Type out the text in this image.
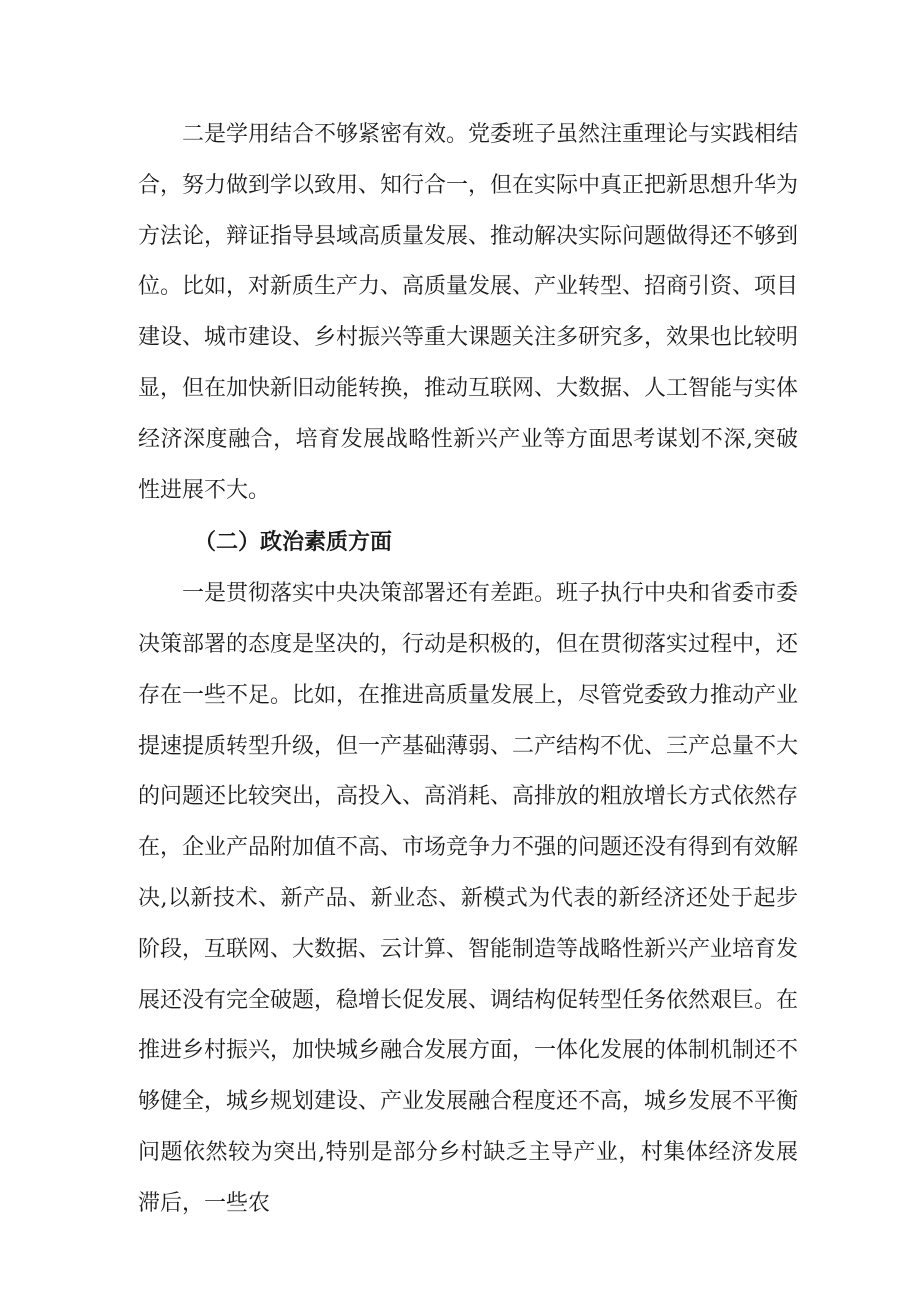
二是学用结合不够紧密有效。党委班子虽然注重理论与实践相结合，努力做到学以致用、知行合一，但在实际中真正把新思想升华为方法论，辩证指导县域高质量发展、推动解决实际问题做得还不够到位。比如，对新质生产力、高质量发展、产业转型、招商引资、项目建设、城市建设、乡村振兴等重大课题关注多研究多，效果也比较明显，但在加快新旧动能转换，推动互联网、大数据、人工智能与实体经济深度融合，培育发展战略性新兴产业等方面思考谋划不深,突破性进展不大。

（二）政治素质方面

一是贯彻落实中央决策部署还有差距。班子执行中央和省委市委决策部署的态度是坚决的，行动是积极的，但在贯彻落实过程中，还存在一些不足。比如，在推进高质量发展上，尽管党委致力推动产业提速提质转型升级，但一产基础薄弱、二产结构不优、三产总量不大的问题还比较突出，高投入、高消耗、高排放的粗放增长方式依然存在，企业产品附加值不高、市场竞争力不强的问题还没有得到有效解决,以新技术、新产品、新业态、新模式为代表的新经济还处于起步阶段，互联网、大数据、云计算、智能制造等战略性新兴产业培育发展还没有完全破题，稳增长促发展、调结构促转型任务依然艰巨。在推进乡村振兴，加快城乡融合发展方面，一体化发展的体制机制还不够健全，城乡规划建设、产业发展融合程度还不高，城乡发展不平衡问题依然较为突出,特别是部分乡村缺乏主导产业，村集体经济发展滞后，一些农
